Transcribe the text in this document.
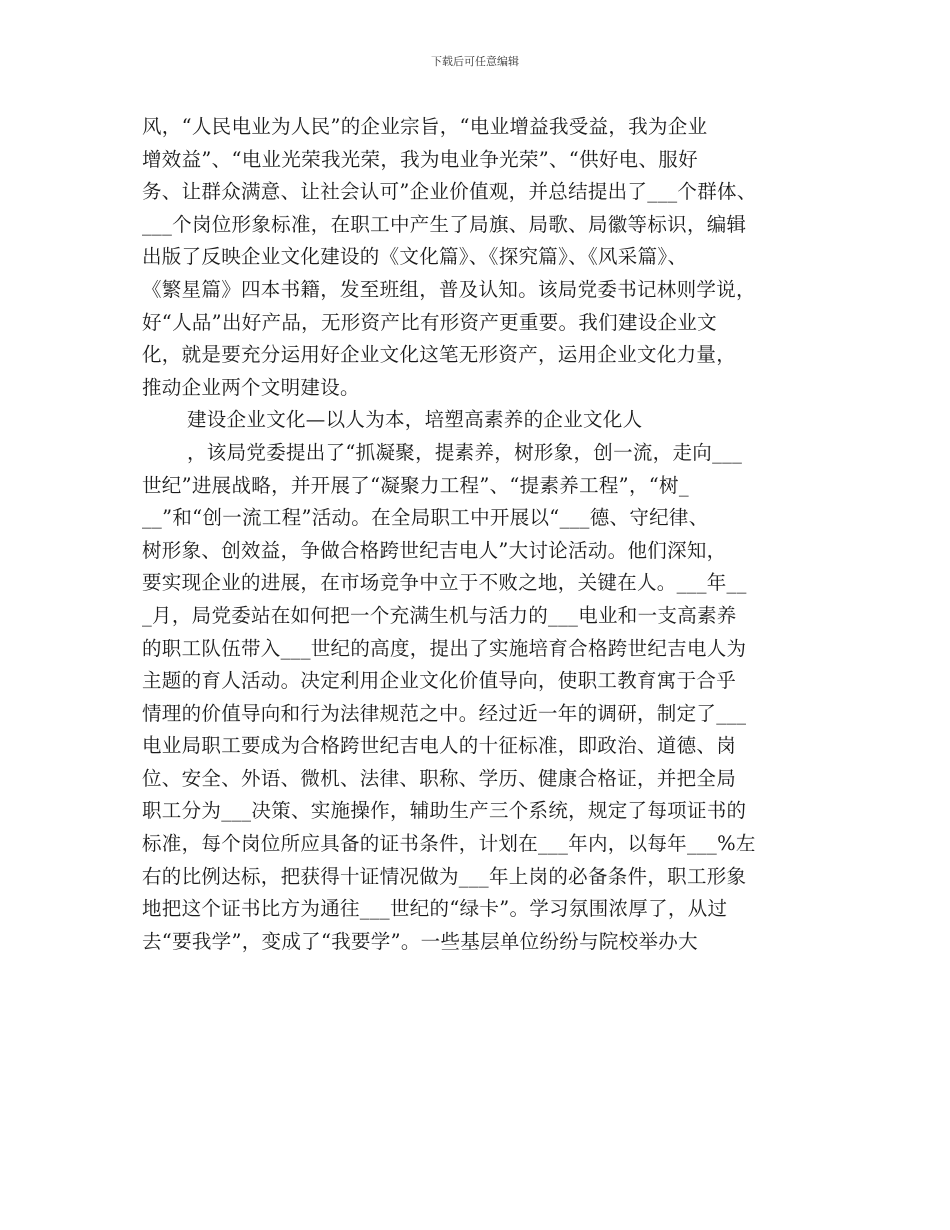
下载后可任意编辑
风，“人民电业为人民”的企业宗旨，“电业增益我受益，我为企业
增效益”、“电业光荣我光荣，我为电业争光荣”、“供好电、服好
务、让群众满意、让社会认可”企业价值观，并总结提出了___个群体、
___个岗位形象标准，在职工中产生了局旗、局歌、局徽等标识，编辑
出版了反映企业文化建设的《文化篇》、《探究篇》、《风采篇》、
《繁星篇》四本书籍，发至班组，普及认知。该局党委书记林则学说，
好“人品”出好产品，无形资产比有形资产更重要。我们建设企业文
化，就是要充分运用好企业文化这笔无形资产，运用企业文化力量，
推动企业两个文明建设。
建设企业文化—以人为本，培塑高素养的企业文化人
，该局党委提出了“抓凝聚，提素养，树形象，创一流，走向___
世纪”进展战略，并开展了“凝聚力工程”、“提素养工程”，“树_
__”和“创一流工程”活动。在全局职工中开展以“___德、守纪律、
树形象、创效益，争做合格跨世纪吉电人”大讨论活动。他们深知，
要实现企业的进展，在市场竞争中立于不败之地，关键在人。___年__
_月，局党委站在如何把一个充满生机与活力的___电业和一支高素养
的职工队伍带入___世纪的高度，提出了实施培育合格跨世纪吉电人为
主题的育人活动。决定利用企业文化价值导向，使职工教育寓于合乎
情理的价值导向和行为法律规范之中。经过近一年的调研，制定了___
电业局职工要成为合格跨世纪吉电人的十征标准，即政治、道德、岗
位、安全、外语、微机、法律、职称、学历、健康合格证，并把全局
职工分为___决策、实施操作，辅助生产三个系统，规定了每项证书的
标准，每个岗位所应具备的证书条件，计划在___年内，以每年___%左
右的比例达标，把获得十证情况做为___年上岗的必备条件，职工形象
地把这个证书比方为通往___世纪的“绿卡”。学习氛围浓厚了，从过
去“要我学”，变成了“我要学”。一些基层单位纷纷与院校举办大
